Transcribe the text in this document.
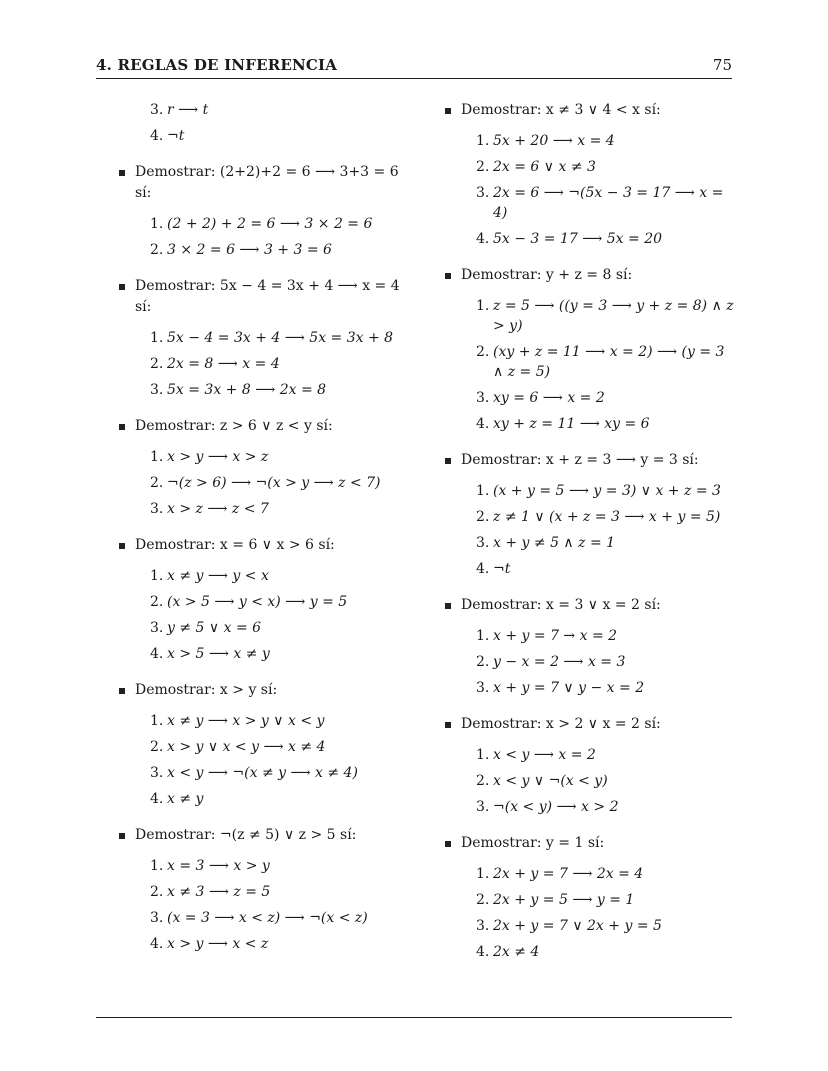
4. REGLAS DE INFERENCIA	75
3.r ⟶ t
4.¬t
Demostrar: (2+2)+2 = 6 ⟶ 3+3 = 6 sí:
1.(2 + 2) + 2 = 6 ⟶ 3 × 2 = 6
2.3 × 2 = 6 ⟶ 3 + 3 = 6
Demostrar: 5x − 4 = 3x + 4 ⟶ x = 4 sí:
1.5x − 4 = 3x + 4 ⟶ 5x = 3x + 8
2.2x = 8 ⟶ x = 4
3.5x = 3x + 8 ⟶ 2x = 8
Demostrar: z > 6 ∨ z < y sí:
1.x > y ⟶ x > z
2.¬(z > 6) ⟶ ¬(x > y ⟶ z < 7)
3.x > z ⟶ z < 7
Demostrar: x = 6 ∨ x > 6 sí:
1.x ≠ y ⟶ y < x
2.(x > 5 ⟶ y < x) ⟶ y = 5
3.y ≠ 5 ∨ x = 6
4.x > 5 ⟶ x ≠ y
Demostrar: x > y sí:
1.x ≠ y ⟶ x > y ∨ x < y
2.x > y ∨ x < y ⟶ x ≠ 4
3.x < y ⟶ ¬(x ≠ y ⟶ x ≠ 4)
4.x ≠ y
Demostrar: ¬(z ≠ 5) ∨ z > 5 sí:
1.x = 3 ⟶ x > y
2.x ≠ 3 ⟶ z = 5
3.(x = 3 ⟶ x < z) ⟶ ¬(x < z)
4.x > y ⟶ x < z
Demostrar: x ≠ 3 ∨ 4 < x sí:
1.5x + 20 ⟶ x = 4
2.2x = 6 ∨ x ≠ 3
3.2x = 6 ⟶ ¬(5x − 3 = 17 ⟶ x = 4)
4.5x − 3 = 17 ⟶ 5x = 20
Demostrar: y + z = 8 sí:
1.z = 5 ⟶ ((y = 3 ⟶ y + z = 8) ∧ z > y)
2.(xy + z = 11 ⟶ x = 2) ⟶ (y = 3 ∧ z = 5)
3.xy = 6 ⟶ x = 2
4.xy + z = 11 ⟶ xy = 6
Demostrar: x + z = 3 ⟶ y = 3 sí:
1.(x + y = 5 ⟶ y = 3) ∨ x + z = 3
2.z ≠ 1 ∨ (x + z = 3 ⟶ x + y = 5)
3.x + y ≠ 5 ∧ z = 1
4.¬t
Demostrar: x = 3 ∨ x = 2 sí:
1.x + y = 7 → x = 2
2.y − x = 2 ⟶ x = 3
3.x + y = 7 ∨ y − x = 2
Demostrar: x > 2 ∨ x = 2 sí:
1.x < y ⟶ x = 2
2.x < y ∨ ¬(x < y)
3.¬(x < y) ⟶ x > 2
Demostrar: y = 1 sí:
1.2x + y = 7 ⟶ 2x = 4
2.2x + y = 5 ⟶ y = 1
3.2x + y = 7 ∨ 2x + y = 5
4.2x ≠ 4
